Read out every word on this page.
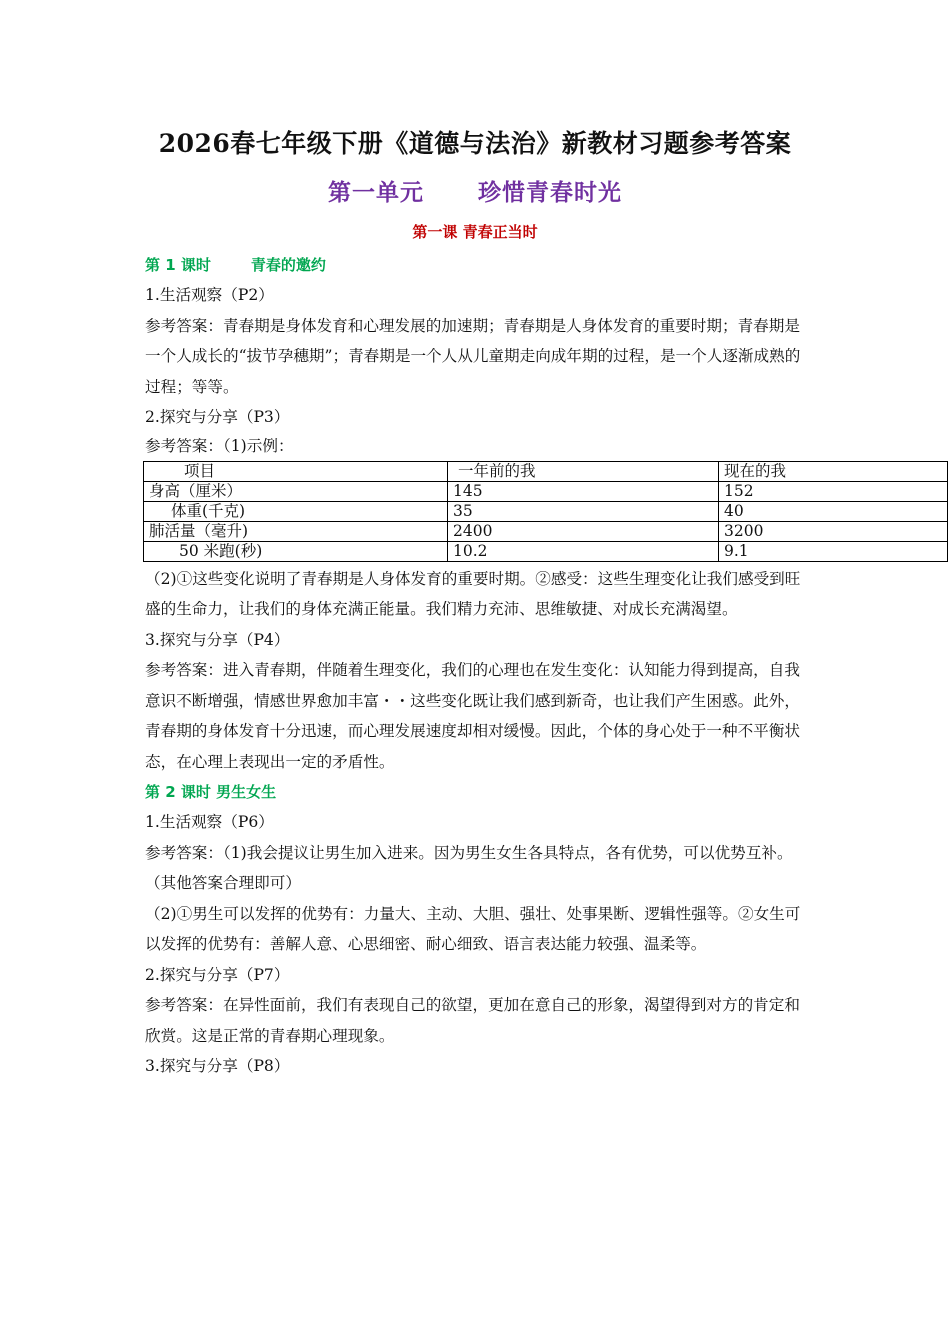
2026春七年级下册《道德与法治》新教材习题参考答案
第一单元 珍惜青春时光
第一课 青春正当时

第 1 课时	青春的邀约

1.生活观察（P2）

参考答案：青春期是身体发育和心理发展的加速期；青春期是人身体发育的重要时期；青春期是一个人成长的“拔节孕穗期”；青春期是一个人从儿童期走向成年期的过程，是一个人逐渐成熟的过程；等等。

2.探究与分享（P3）

参考答案：（1)示例：

项目	一年前的我	现在的我
身高（厘米）	145	152
体重(千克)	35	40
肺活量（毫升)	2400	3200
50 米跑(秒)	10.2	9.1

（2)①这些变化说明了青春期是人身体发育的重要时期。②感受：这些生理变化让我们感受到旺盛的生命力，让我们的身体充满正能量。我们精力充沛、思维敏捷、对成长充满渴望。

3.探究与分享（P4）

参考答案：进入青春期，伴随着生理变化，我们的心理也在发生变化：认知能力得到提高，自我意识不断增强，情感世界愈加丰富・・这些变化既让我们感到新奇，也让我们产生困惑。此外，青春期的身体发育十分迅速，而心理发展速度却相对缓慢。因此，个体的身心处于一种不平衡状态，在心理上表现出一定的矛盾性。

第 2 课时 男生女生

1.生活观察（P6）

参考答案：（1)我会提议让男生加入进来。因为男生女生各具特点，各有优势，可以优势互补。（其他答案合理即可）

（2)①男生可以发挥的优势有：力量大、主动、大胆、强壮、处事果断、逻辑性强等。②女生可以发挥的优势有：善解人意、心思细密、耐心细致、语言表达能力较强、温柔等。

2.探究与分享（P7）

参考答案：在异性面前，我们有表现自己的欲望，更加在意自己的形象，渴望得到对方的肯定和欣赏。这是正常的青春期心理现象。

3.探究与分享（P8）
